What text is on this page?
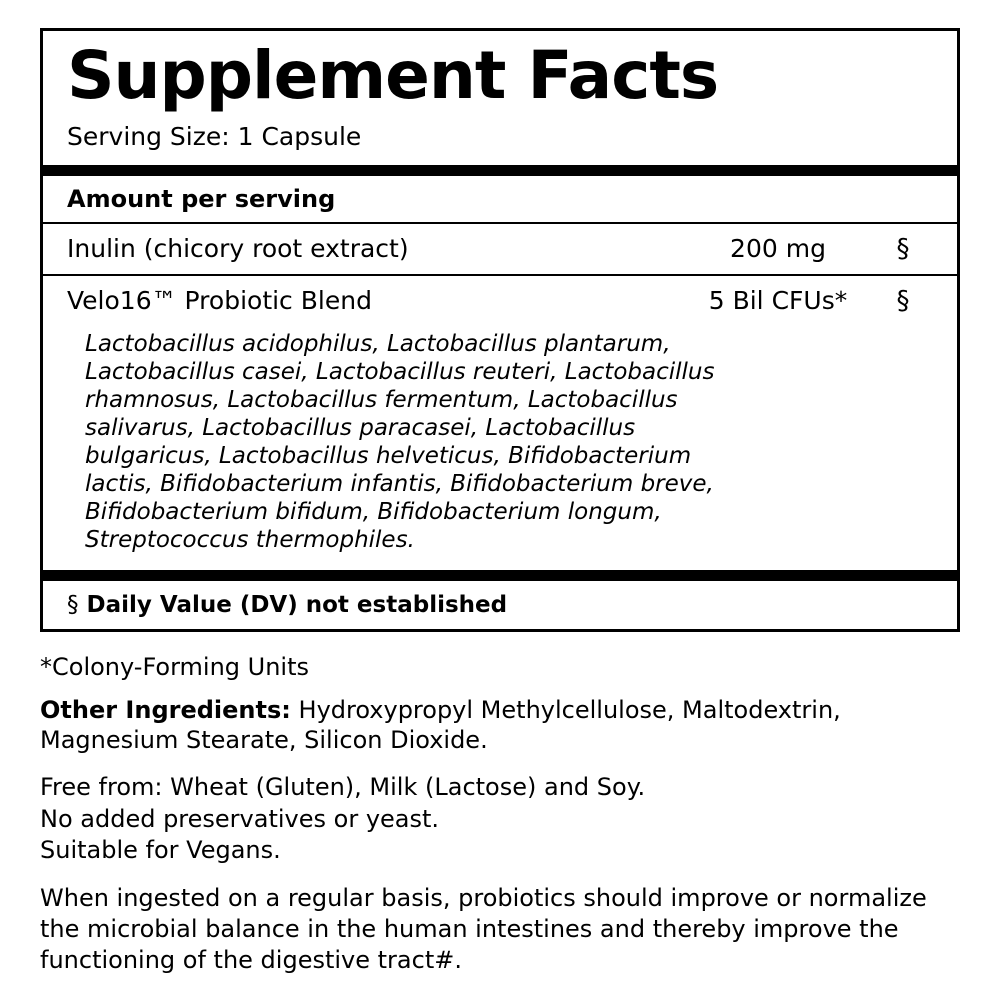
Supplement Facts
Serving Size: 1 Capsule
Amount per serving
Inulin (chicory root extract)	200 mg	§
Velo16™ Probiotic Blend	5 Bil CFUs*	§
Lactobacillus acidophilus, Lactobacillus plantarum, Lactobacillus casei, Lactobacillus reuteri, Lactobacillus rhamnosus, Lactobacillus fermentum, Lactobacillus salivarus, Lactobacillus paracasei, Lactobacillus bulgaricus, Lactobacillus helveticus, Bifidobacterium lactis, Bifidobacterium infantis, Bifidobacterium breve, Bifidobacterium bifidum, Bifidobacterium longum, Streptococcus thermophiles.
§ Daily Value (DV) not established
*Colony-Forming Units
Other Ingredients: Hydroxypropyl Methylcellulose, Maltodextrin, Magnesium Stearate, Silicon Dioxide.
Free from: Wheat (Gluten), Milk (Lactose) and Soy.
No added preservatives or yeast.
Suitable for Vegans.
When ingested on a regular basis, probiotics should improve or normalize the microbial balance in the human intestines and thereby improve the functioning of the digestive tract#.
